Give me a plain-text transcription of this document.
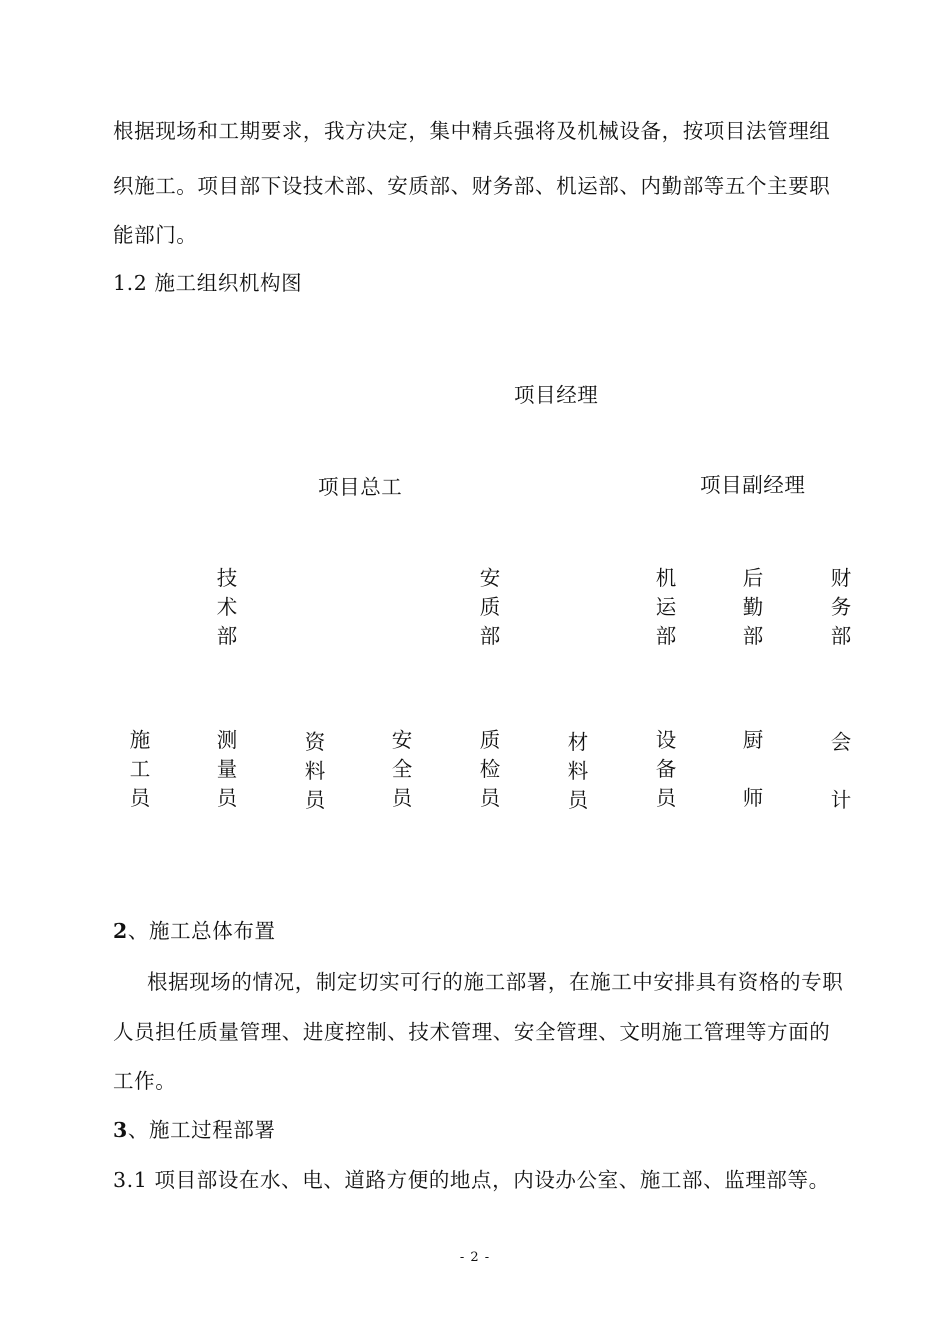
根据现场和工期要求，我方决定，集中精兵强将及机械设备，按项目法管理组
织施工。项目部下设技术部、安质部、财务部、机运部、内勤部等五个主要职
能部门。
1.2 施工组织机构图
项目经理
项目总工	项目副经理
技
术
部
安
质
部
机
运
部
后
勤
部
财
务
部
施
工
员
测
量
员
资
料
员
安
全
员
质
检
员
材
料
员
设
备
员
厨
师
会
计
2、施工总体布置
根据现场的情况，制定切实可行的施工部署，在施工中安排具有资格的专职
人员担任质量管理、进度控制、技术管理、安全管理、文明施工管理等方面的
工作。
3、施工过程部署
3.1 项目部设在水、电、道路方便的地点，内设办公室、施工部、监理部等。
- 2 -
